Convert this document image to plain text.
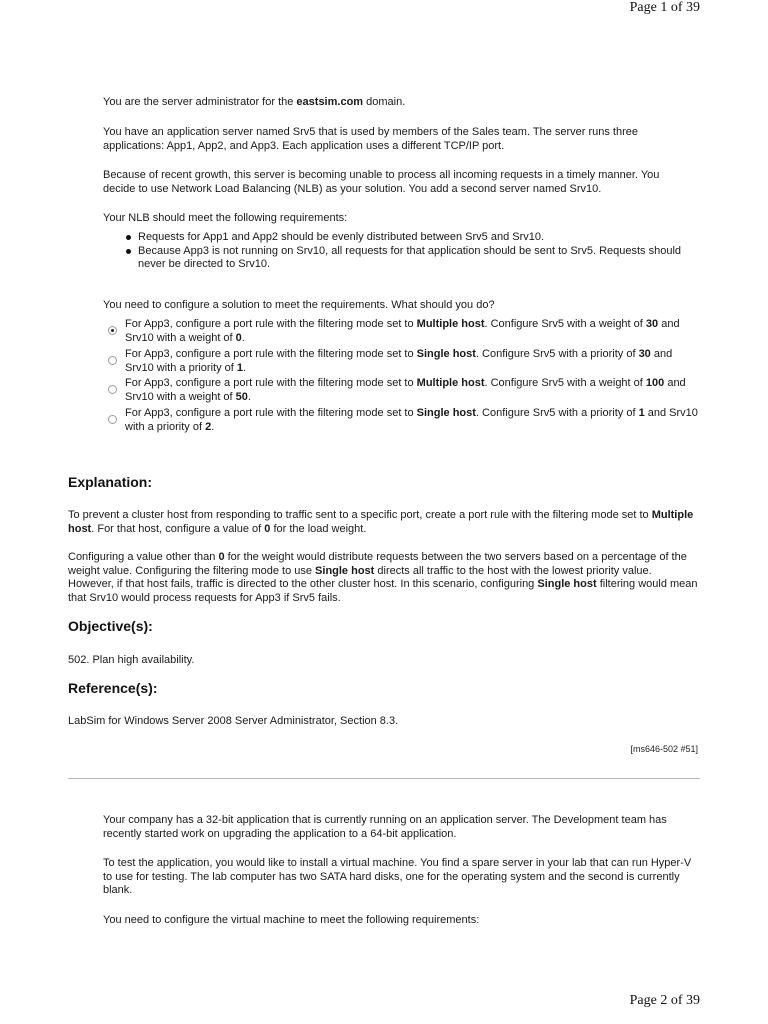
Page 1 of 39

You are the server administrator for the eastsim.com domain.

You have an application server named Srv5 that is used by members of the Sales team. The server runs three applications: App1, App2, and App3. Each application uses a different TCP/IP port.

Because of recent growth, this server is becoming unable to process all incoming requests in a timely manner. You decide to use Network Load Balancing (NLB) as your solution. You add a second server named Srv10.

Your NLB should meet the following requirements:

Requests for App1 and App2 should be evenly distributed between Srv5 and Srv10.
Because App3 is not running on Srv10, all requests for that application should be sent to Srv5. Requests should never be directed to Srv10.

You need to configure a solution to meet the requirements. What should you do?

For App3, configure a port rule with the filtering mode set to Multiple host. Configure Srv5 with a weight of 30 and Srv10 with a weight of 0.
For App3, configure a port rule with the filtering mode set to Single host. Configure Srv5 with a priority of 30 and Srv10 with a priority of 1.
For App3, configure a port rule with the filtering mode set to Multiple host. Configure Srv5 with a weight of 100 and Srv10 with a weight of 50.
For App3, configure a port rule with the filtering mode set to Single host. Configure Srv5 with a priority of 1 and Srv10 with a priority of 2.
Explanation:

To prevent a cluster host from responding to traffic sent to a specific port, create a port rule with the filtering mode set to Multiple host. For that host, configure a value of 0 for the load weight.

Configuring a value other than 0 for the weight would distribute requests between the two servers based on a percentage of the weight value. Configuring the filtering mode to use Single host directs all traffic to the host with the lowest priority value. However, if that host fails, traffic is directed to the other cluster host. In this scenario, configuring Single host filtering would mean that Srv10 would process requests for App3 if Srv5 fails.

Objective(s):

502. Plan high availability.

Reference(s):

LabSim for Windows Server 2008 Server Administrator, Section 8.3.

[ms646-502 #51]

Your company has a 32-bit application that is currently running on an application server. The Development team has recently started work on upgrading the application to a 64-bit application.

To test the application, you would like to install a virtual machine. You find a spare server in your lab that can run Hyper-V to use for testing. The lab computer has two SATA hard disks, one for the operating system and the second is currently blank.

You need to configure the virtual machine to meet the following requirements:

Page 2 of 39
